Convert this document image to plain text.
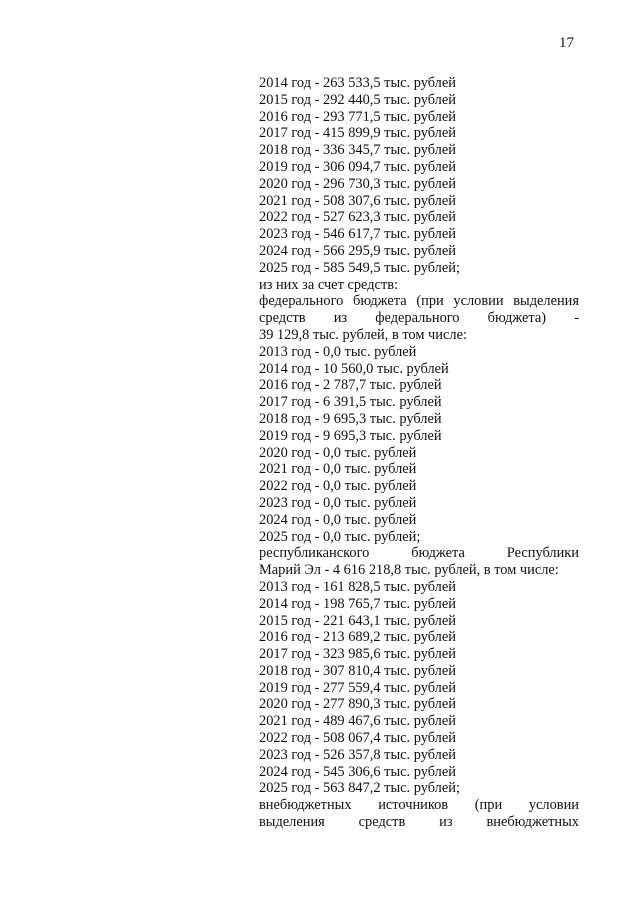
17
2014 год - 263 533,5 тыс. рублей
2015 год - 292 440,5 тыс. рублей
2016 год - 293 771,5 тыс. рублей
2017 год - 415 899,9 тыс. рублей
2018 год - 336 345,7 тыс. рублей
2019 год - 306 094,7 тыс. рублей
2020 год - 296 730,3 тыс. рублей
2021 год - 508 307,6 тыс. рублей
2022 год - 527 623,3 тыс. рублей
2023 год - 546 617,7 тыс. рублей
2024 год - 566 295,9 тыс. рублей
2025 год - 585 549,5 тыс. рублей;
из них за счет средств:
федерального бюджета (при условии выделения
средств из федерального бюджета) -
39 129,8 тыс. рублей, в том числе:
2013 год - 0,0 тыс. рублей
2014 год - 10 560,0 тыс. рублей
2016 год - 2 787,7 тыс. рублей
2017 год - 6 391,5 тыс. рублей
2018 год - 9 695,3 тыс. рублей
2019 год - 9 695,3 тыс. рублей
2020 год - 0,0 тыс. рублей
2021 год - 0,0 тыс. рублей
2022 год - 0,0 тыс. рублей
2023 год - 0,0 тыс. рублей
2024 год - 0,0 тыс. рублей
2025 год - 0,0 тыс. рублей;
республиканского	бюджета	Республики
Марий Эл - 4 616 218,8 тыс. рублей, в том числе:
2013 год - 161 828,5 тыс. рублей
2014 год - 198 765,7 тыс. рублей
2015 год - 221 643,1 тыс. рублей
2016 год - 213 689,2 тыс. рублей
2017 год - 323 985,6 тыс. рублей
2018 год - 307 810,4 тыс. рублей
2019 год - 277 559,4 тыс. рублей
2020 год - 277 890,3 тыс. рублей
2021 год - 489 467,6 тыс. рублей
2022 год - 508 067,4 тыс. рублей
2023 год - 526 357,8 тыс. рублей
2024 год - 545 306,6 тыс. рублей
2025 год - 563 847,2 тыс. рублей;
внебюджетных источников (при условии
выделения средств из внебюджетных
